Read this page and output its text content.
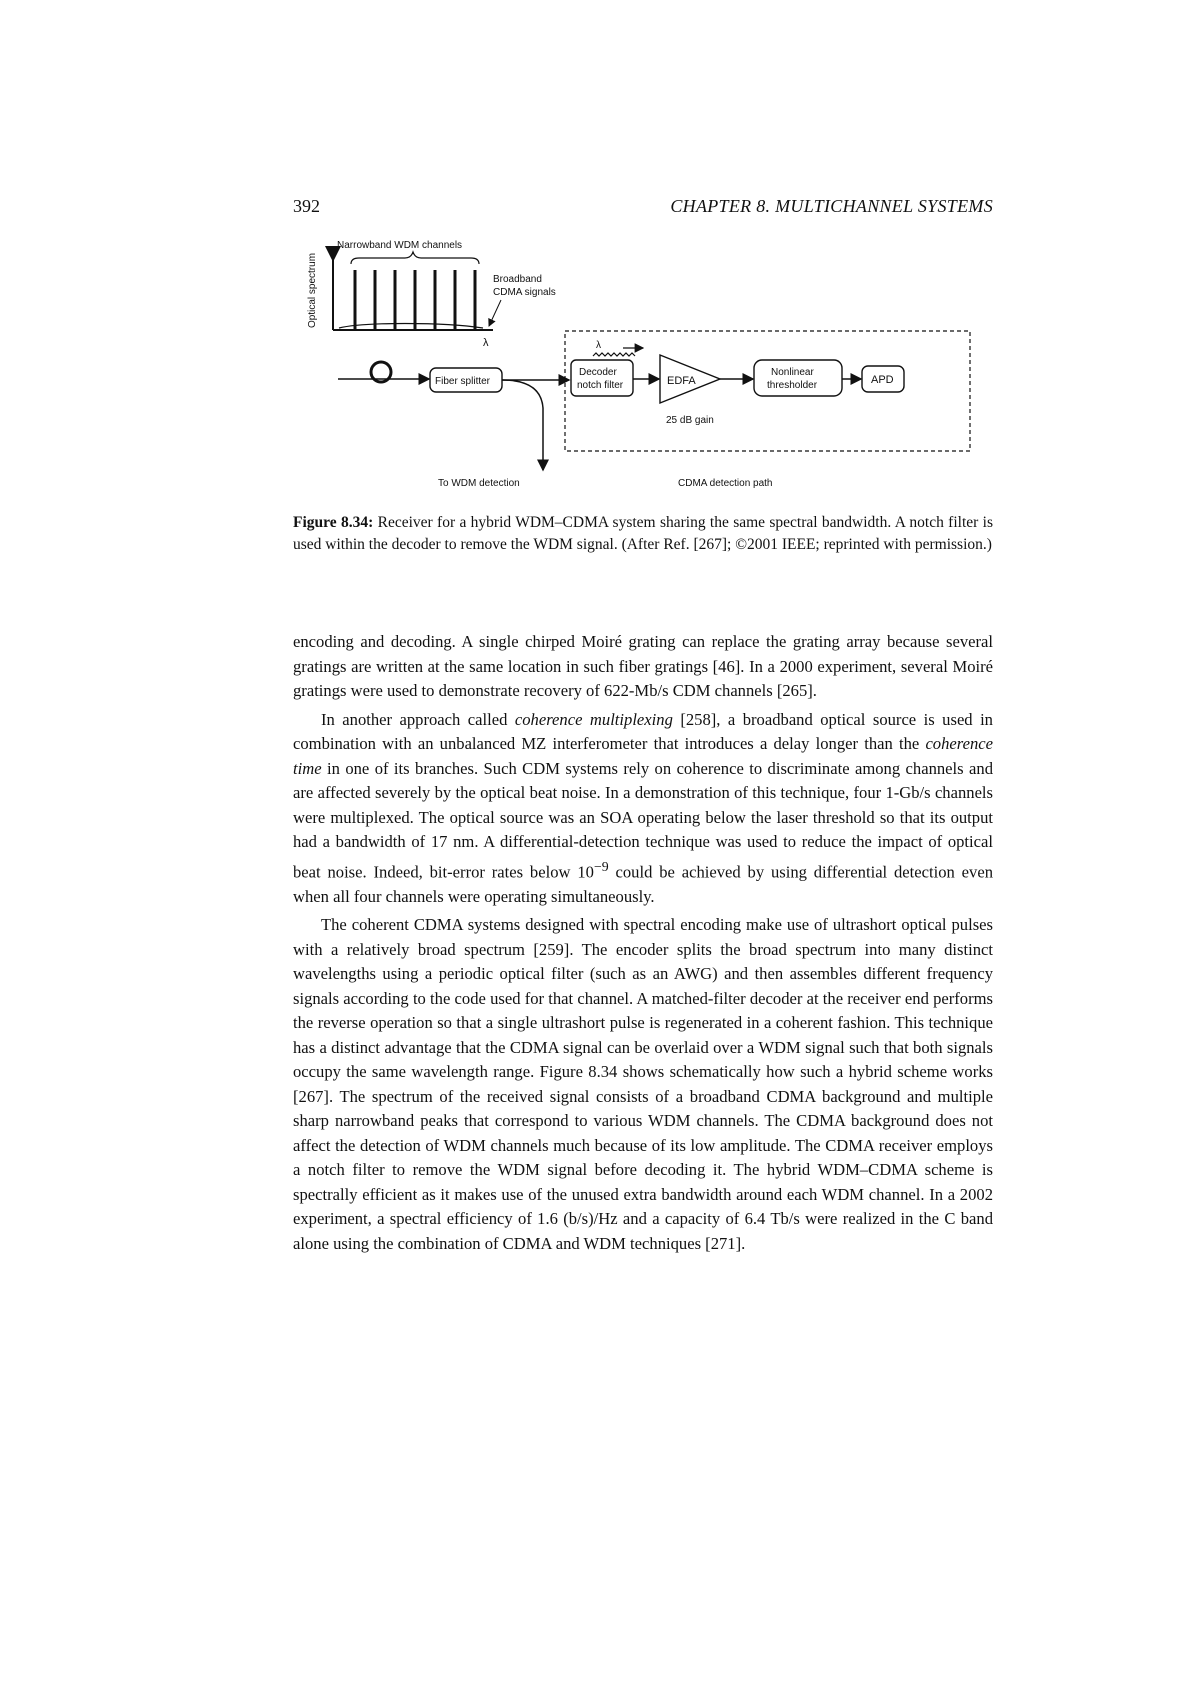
392	CHAPTER 8. MULTICHANNEL SYSTEMS
Optical spectrum
λ
Narrowband WDM channels
Broadband
CDMA signals
Fiber splitter
To WDM detection	CDMA detection path
λ
Decoder
notch filter	EDFA
25 dB gain
Nonlinear
thresholder	APD
Figure 8.34: Receiver for a hybrid WDM–CDMA system sharing the same spectral bandwidth. A notch filter is used within the decoder to remove the WDM signal. (After Ref. [267]; ©2001 IEEE; reprinted with permission.)

encoding and decoding. A single chirped Moiré grating can replace the grating array because several gratings are written at the same location in such fiber gratings [46]. In a 2000 experiment, several Moiré gratings were used to demonstrate recovery of 622-Mb/s CDM channels [265].

In another approach called coherence multiplexing [258], a broadband optical source is used in combination with an unbalanced MZ interferometer that introduces a delay longer than the coherence time in one of its branches. Such CDM systems rely on coherence to discriminate among channels and are affected severely by the optical beat noise. In a demonstration of this technique, four 1-Gb/s channels were multiplexed. The optical source was an SOA operating below the laser threshold so that its output had a bandwidth of 17 nm. A differential-detection technique was used to reduce the impact of optical beat noise. Indeed, bit-error rates below $10^{-9}$ could be achieved by using differential detection even when all four channels were operating simultaneously.

The coherent CDMA systems designed with spectral encoding make use of ultrashort optical pulses with a relatively broad spectrum [259]. The encoder splits the broad spectrum into many distinct wavelengths using a periodic optical filter (such as an AWG) and then assembles different frequency signals according to the code used for that channel. A matched-filter decoder at the receiver end performs the reverse operation so that a single ultrashort pulse is regenerated in a coherent fashion. This technique has a distinct advantage that the CDMA signal can be overlaid over a WDM signal such that both signals occupy the same wavelength range. Figure 8.34 shows schematically how such a hybrid scheme works [267]. The spectrum of the received signal consists of a broadband CDMA background and multiple sharp narrowband peaks that correspond to various WDM channels. The CDMA background does not affect the detection of WDM channels much because of its low amplitude. The CDMA receiver employs a notch filter to remove the WDM signal before decoding it. The hybrid WDM–CDMA scheme is spectrally efficient as it makes use of the unused extra bandwidth around each WDM channel. In a 2002 experiment, a spectral efficiency of 1.6 (b/s)/Hz and a capacity of 6.4 Tb/s were realized in the C band alone using the combination of CDMA and WDM techniques [271].
